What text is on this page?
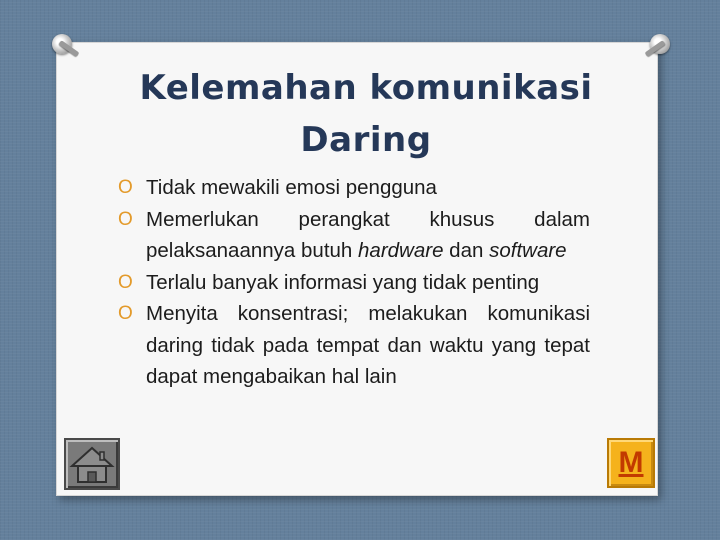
Kelemahan komunikasi Daring
O Tidak mewakili emosi pengguna
O Memerlukan perangkat khusus dalam pelaksanaannya butuh hardware dan software
O Terlalu banyak informasi yang tidak penting
O Menyita konsentrasi; melakukan komunikasi daring tidak pada tempat dan waktu yang tepat dapat mengabaikan hal lain
M
